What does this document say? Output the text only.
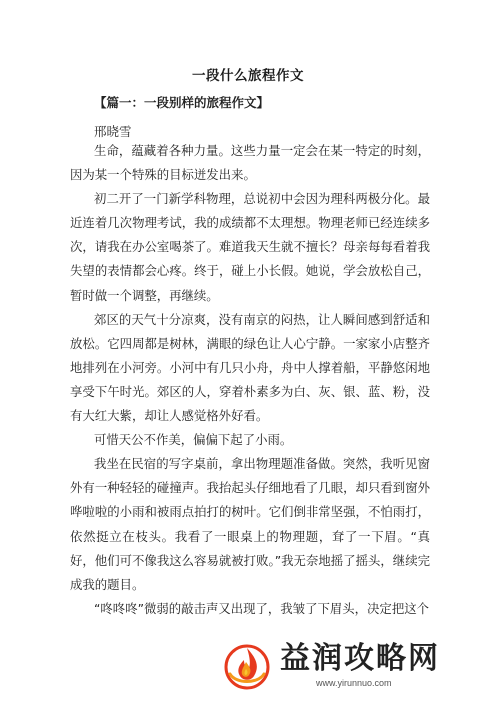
一段什么旅程作文
【篇一：一段别样的旅程作文】
邢晓雪

生命，蕴藏着各种力量。这些力量一定会在某一特定的时刻，因为某一个特殊的目标迸发出来。

初二开了一门新学科物理，总说初中会因为理科两极分化。最近连着几次物理考试，我的成绩都不太理想。物理老师已经连续多次，请我在办公室喝茶了。难道我天生就不擅长？母亲每每看着我失望的表情都会心疼。终于，碰上小长假。她说，学会放松自己，暂时做一个调整，再继续。

郊区的天气十分凉爽，没有南京的闷热，让人瞬间感到舒适和放松。它四周都是树林，满眼的绿色让人心宁静。一家家小店整齐地排列在小河旁。小河中有几只小舟，舟中人撑着船，平静悠闲地享受下午时光。郊区的人，穿着朴素多为白、灰、银、蓝、粉，没有大红大紫，却让人感觉格外好看。

可惜天公不作美，偏偏下起了小雨。

我坐在民宿的写字桌前，拿出物理题准备做。突然，我听见窗外有一种轻轻的碰撞声。我抬起头仔细地看了几眼，却只看到窗外哗啦啦的小雨和被雨点拍打的树叶。它们倒非常坚强，不怕雨打，依然挺立在枝头。我看了一眼桌上的物理题，耷了一下眉。“真好，他们可不像我这么容易就被打败。”我无奈地摇了摇头，继续完成我的题目。

“咚咚咚”微弱的敲击声又出现了，我皱了下眉头，决定把这个

益润攻略网
www.yirunnuo.com
